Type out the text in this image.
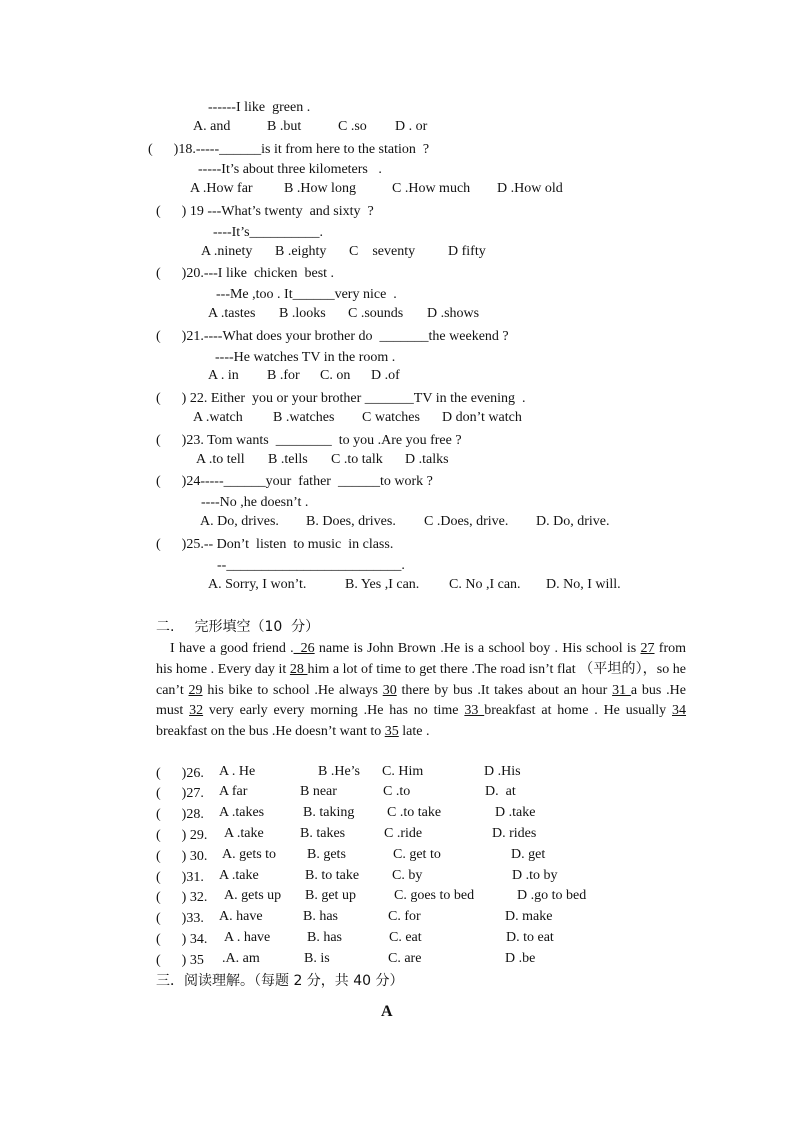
------I like  green .
A. and	B .but	C .so D . or
(      )18.-----______is it from here to the station  ?
-----It’s about three kilometers   .
A .How far B .How long	C .How much D .How old
(      ) 19 ---What’s twenty  and sixty  ?
----It’s__________.
A .ninety B .eighty C    seventy D fifty
(      )20.---I like  chicken  best .
---Me ,too . It______very nice  .
A .tastes B .looks C .sounds D .shows
(      )21.----What does your brother do  _______the weekend ?
----He watches TV in the room .
A . in B .for C. on D .of
(      ) 22. Either  you or your brother _______TV in the evening  .
A .watch B .watches C watches D don’t watch
(      )23. Tom wants  ________  to you .Are you free ?
A .to tell B .tells C .to talk D .talks
(      )24-----______your  father  ______to work ?
----No ,he doesn’t .
A. Do, drives. B. Does, drives. C .Does, drive. D. Do, drive.
(      )25.-- Don’t  listen  to music  in class.
--_________________________.
A. Sorry, I won’t.	B. Yes ,I can. C. No ,I can. D. No, I will.
二. 完形填空（10  分）
I have a good friend ._26 name is John Brown .He is a school boy . His school is 27 from his home . Every day it 28 him a lot of time to get there .The road isn’t flat （平坦的），so he can’t 29 his bike to school .He always 30 there by bus .It takes about an hour 31 a bus .He must 32 very early every morning .He has no time 33 breakfast at home . He usually 34 breakfast on the bus .He doesn’t want to 35 late .
(      )26. A . He	B .He’s C. Him	D .His
(      )27. A far	B near	C .to	D.  at
(      )28. A .takes	B. taking C .to take	D .take
(      ) 29. A .take	B. takes	C .ride	D. rides
(      ) 30. A. gets to B. gets	C. get to	D. get
(      )31. A .take	B. to take C. by	D .to by
(      ) 32. A. gets up B. get up	C. goes to bed	D .go to bed
(      )33. A. have	B. has	C. for	D. make
(      ) 34. A . have	B. has	C. eat	D. to eat
(      ) 35 .A. am	B. is	C. are	D .be
三．阅读理解。（每题 2 分，共 40 分）
A
